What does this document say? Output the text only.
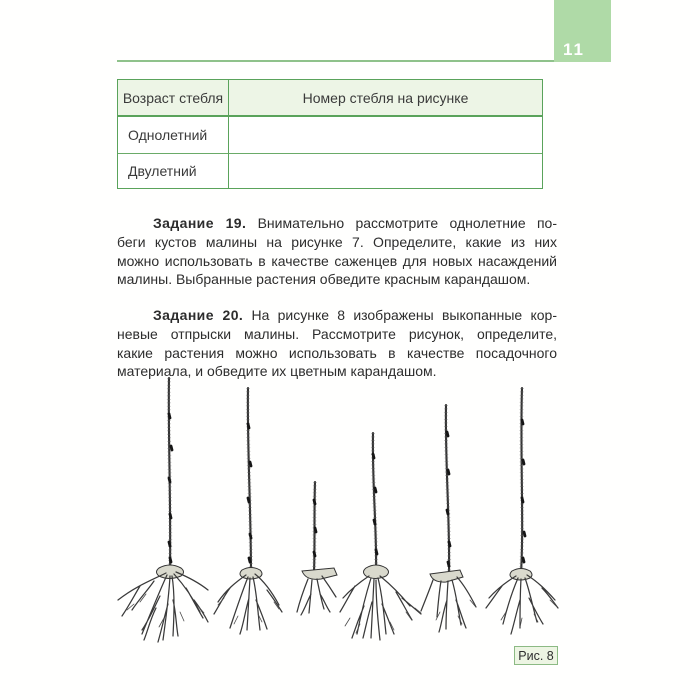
11
Возраст стебля	Номер стебля на рисунке
Однолетний
Двулетний
Задание 19. Внимательно рассмотрите однолетние по-
беги кустов малины на рисунке 7. Определите, какие из них
можно использовать в качестве саженцев для новых насаждений
малины. Выбранные растения обведите красным карандашом.
Задание 20. На рисунке 8 изображены выкопанные кор-
невые отпрыски малины. Рассмотрите рисунок, определите,
какие растения можно использовать в качестве посадочного
материала, и обведите их цветным карандашом.
Рис. 8
